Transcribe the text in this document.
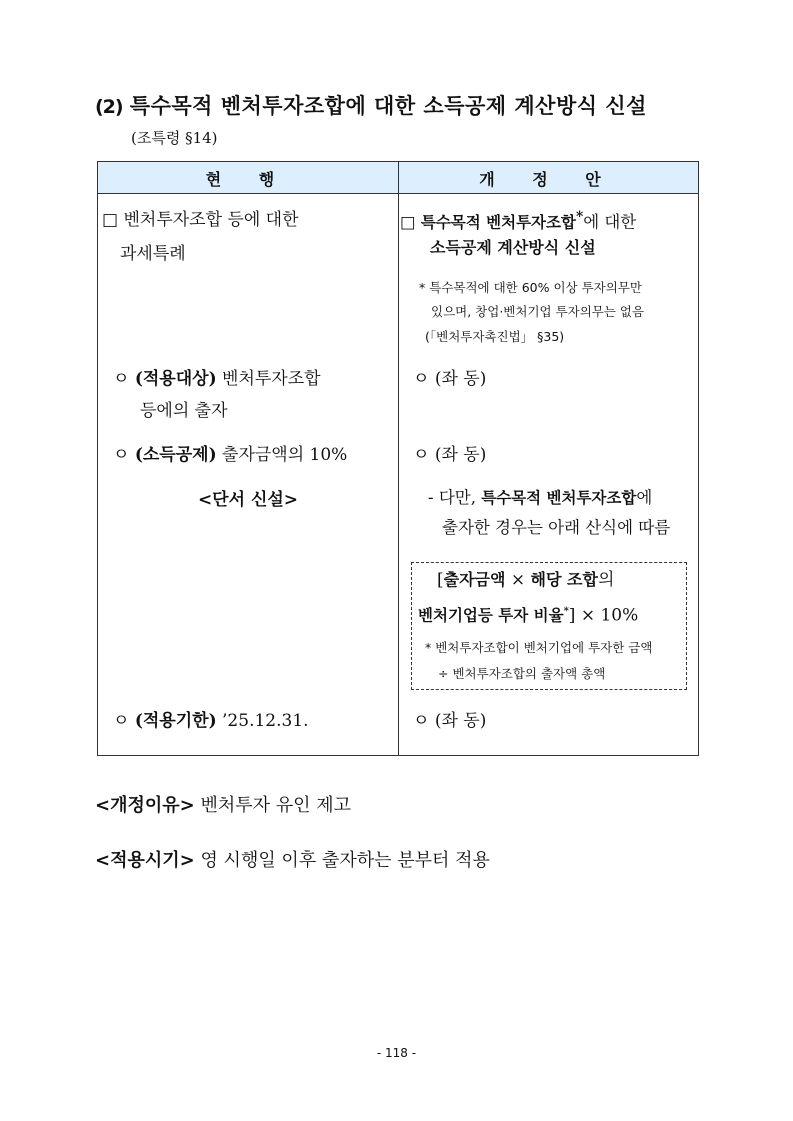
(2) 특수목적 벤처투자조합에 대한 소득공제 계산방식 신설
(조특령 §14)
현 행	개 정 안
□ 벤처투자조합 등에 대한
과세특례
ㅇ (적용대상) 벤처투자조합
등에의 출자
ㅇ (소득공제) 출자금액의 10%
<단서 신설>
ㅇ (적용기한) ’25.12.31.
□ 특수목적 벤처투자조합*에 대한
소득공제 계산방식 신설
* 특수목적에 대한 60% 이상 투자의무만
있으며, 창업·벤처기업 투자의무는 없음
(「벤처투자촉진법」 §35)
ㅇ (좌 동)
ㅇ (좌 동)
- 다만, 특수목적 벤처투자조합에
출자한 경우는 아래 산식에 따름
[출자금액 × 해당 조합의
벤처기업등 투자 비율*] × 10%
* 벤처투자조합이 벤처기업에 투자한 금액
÷ 벤처투자조합의 출자액 총액
ㅇ (좌 동)
<개정이유> 벤처투자 유인 제고
<적용시기> 영 시행일 이후 출자하는 분부터 적용
- 118 -
